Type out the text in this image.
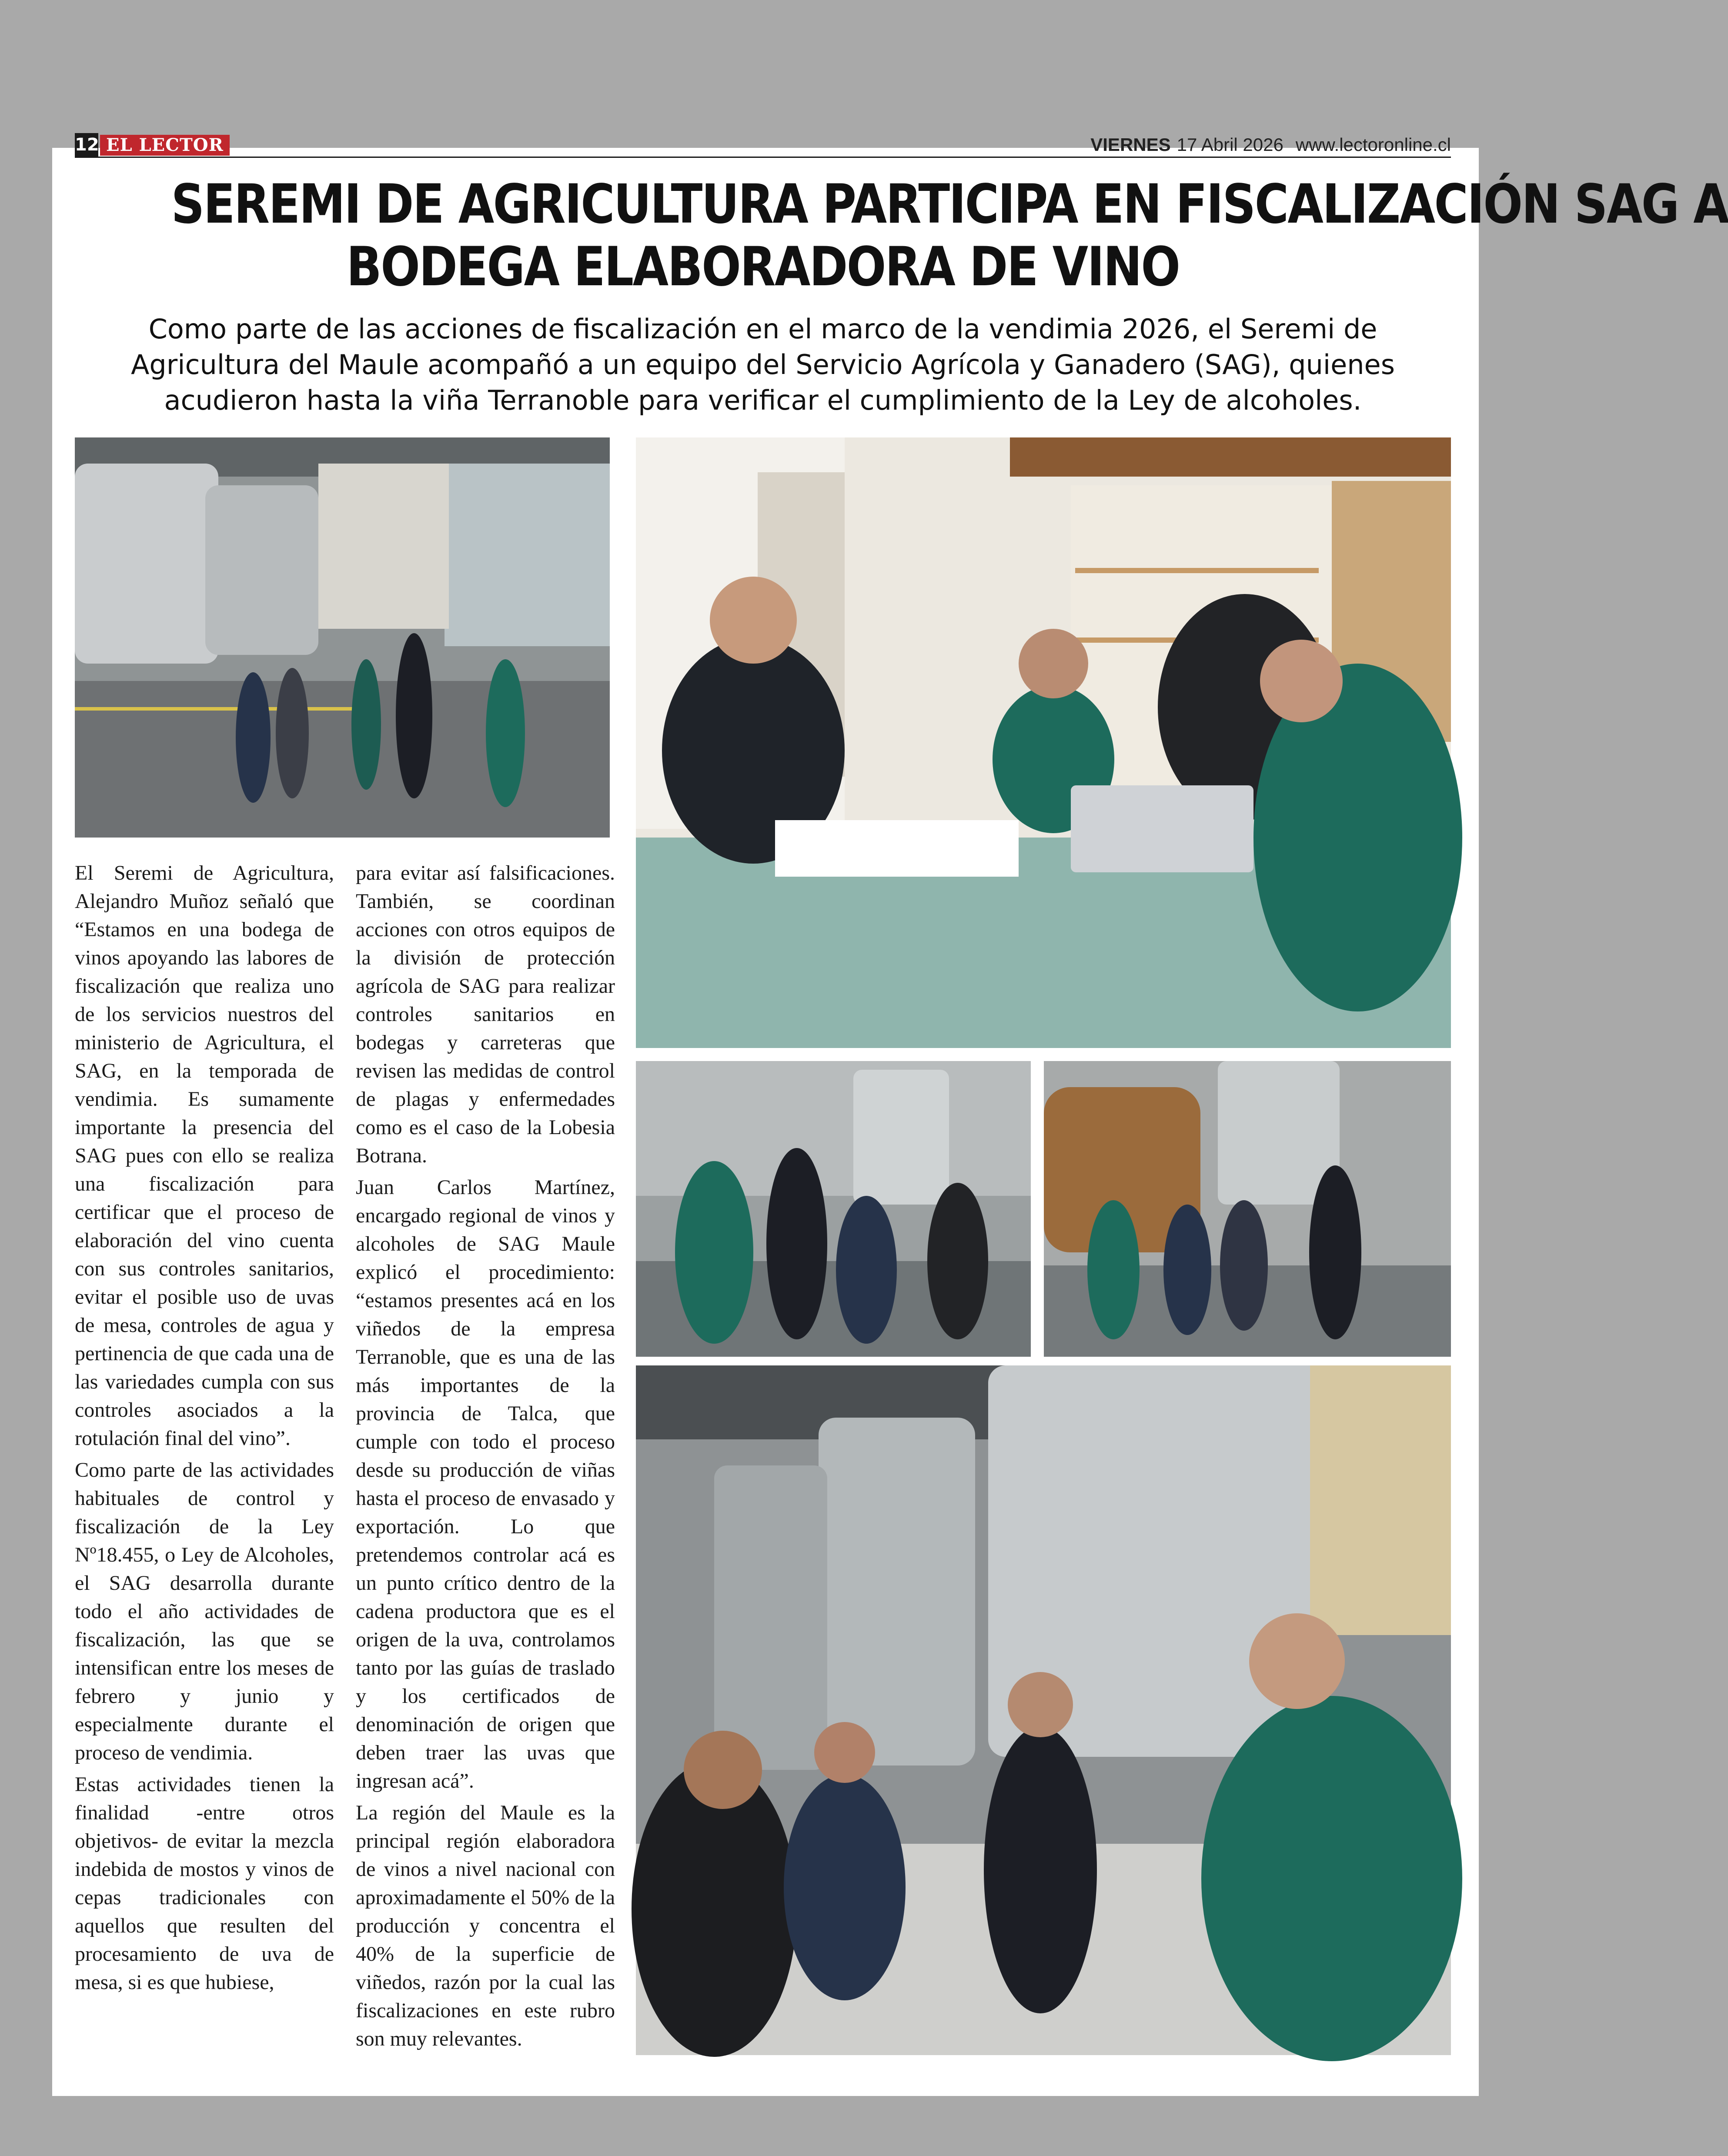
12 EL LECTOR	VIERNES 17 Abril 2026 www.lectoronline.cl
SEREMI DE AGRICULTURA PARTICIPA EN FISCALIZACIÓN SAG A
BODEGA ELABORADORA DE VINO
Como parte de las acciones de fiscalización en el marco de la vendimia 2026, el Seremi de Agricultura del Maule acompañó a un equipo del Servicio Agrícola y Ganadero (SAG), quienes acudieron hasta la viña Terranoble para verificar el cumplimiento de la Ley de alcoholes.

El Seremi de Agricultura, Alejandro Muñoz señaló que “Estamos en una bodega de vinos apoyando las labores de fiscalización que realiza uno de los servicios nuestros del ministerio de Agricultura, el SAG, en la temporada de vendimia. Es sumamente importante la presencia del SAG pues con ello se realiza una fiscalización para certificar que el proceso de elaboración del vino cuenta con sus controles sanitarios, evitar el posible uso de uvas de mesa, controles de agua y pertinencia de que cada una de las variedades cumpla con sus controles asociados a la rotulación final del vino”.

Como parte de las actividades habituales de control y fiscalización de la Ley Nº18.455, o Ley de Alcoholes, el SAG desarrolla durante todo el año actividades de fiscalización, las que se intensifican entre los meses de febrero y junio y especialmente durante el proceso de vendimia.

Estas actividades tienen la finalidad -entre otros objetivos- de evitar la mezcla indebida de mostos y vinos de cepas tradicionales con aquellos que resulten del procesamiento de uva de mesa, si es que hubiese,

para evitar así falsificaciones. También, se coordinan acciones con otros equipos de la división de protección agrícola de SAG para realizar controles sanitarios en bodegas y carreteras que revisen las medidas de control de plagas y enfermedades como es el caso de la Lobesia Botrana.

Juan Carlos Martínez, encargado regional de vinos y alcoholes de SAG Maule explicó el procedimiento: “estamos presentes acá en los viñedos de la empresa Terranoble, que es una de las más importantes de la provincia de Talca, que cumple con todo el proceso desde su producción de viñas hasta el proceso de envasado y exportación. Lo que pretendemos controlar acá es un punto crítico dentro de la cadena productora que es el origen de la uva, controlamos tanto por las guías de traslado y los certificados de denominación de origen que deben traer las uvas que ingresan acá”.

La región del Maule es la principal región elaboradora de vinos a nivel nacional con aproximadamente el 50% de la producción y concentra el 40% de la superficie de viñedos, razón por la cual las fiscalizaciones en este rubro son muy relevantes.
